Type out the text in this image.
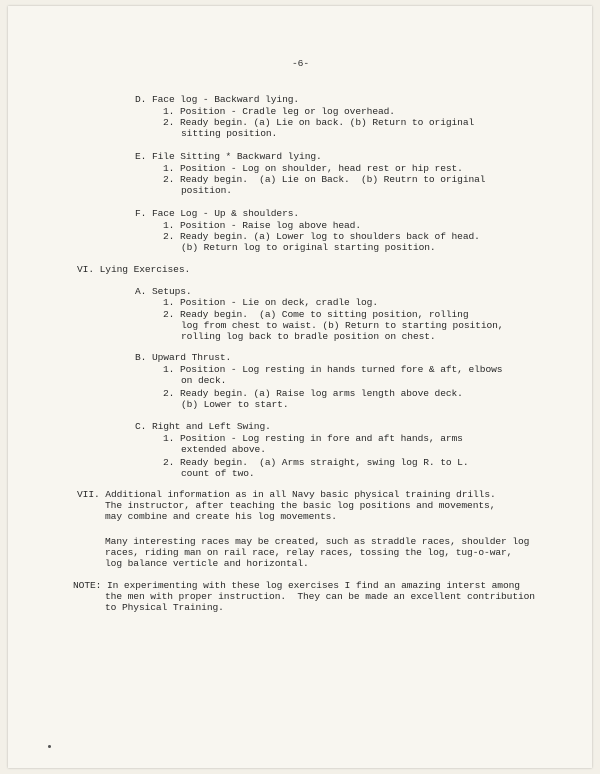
-6-
D. Face log - Backward lying.
1. Position - Cradle leg or log overhead.
2. Ready begin. (a) Lie on back. (b) Return to original
sitting position.
E. File Sitting * Backward lying.
1. Position - Log on shoulder, head rest or hip rest.
2. Ready begin.  (a) Lie on Back.  (b) Reutrn to original
position.
F. Face Log - Up & shoulders.
1. Position - Raise log above head.
2. Ready begin. (a) Lower log to shoulders back of head.
(b) Return log to original starting position.
VI. Lying Exercises.
A. Setups.
1. Position - Lie on deck, cradle log.
2. Ready begin.  (a) Come to sitting position, rolling
log from chest to waist. (b) Return to starting position,
rolling log back to bradle position on chest.
B. Upward Thrust.
1. Position - Log resting in hands turned fore & aft, elbows
on deck.
2. Ready begin. (a) Raise log arms length above deck.
(b) Lower to start.
C. Right and Left Swing.
1. Position - Log resting in fore and aft hands, arms
extended above.
2. Ready begin.  (a) Arms straight, swing log R. to L.
count of two.
VII. Additional information as in all Navy basic physical training drills.
The instructor, after teaching the basic log positions and movements,
may combine and create his log movements.
Many interesting races may be created, such as straddle races, shoulder log
races, riding man on rail race, relay races, tossing the log, tug-o-war,
log balance verticle and horizontal.
NOTE: In experimenting with these log exercises I find an amazing interst among
the men with proper instruction.  They can be made an excellent contribution
to Physical Training.
